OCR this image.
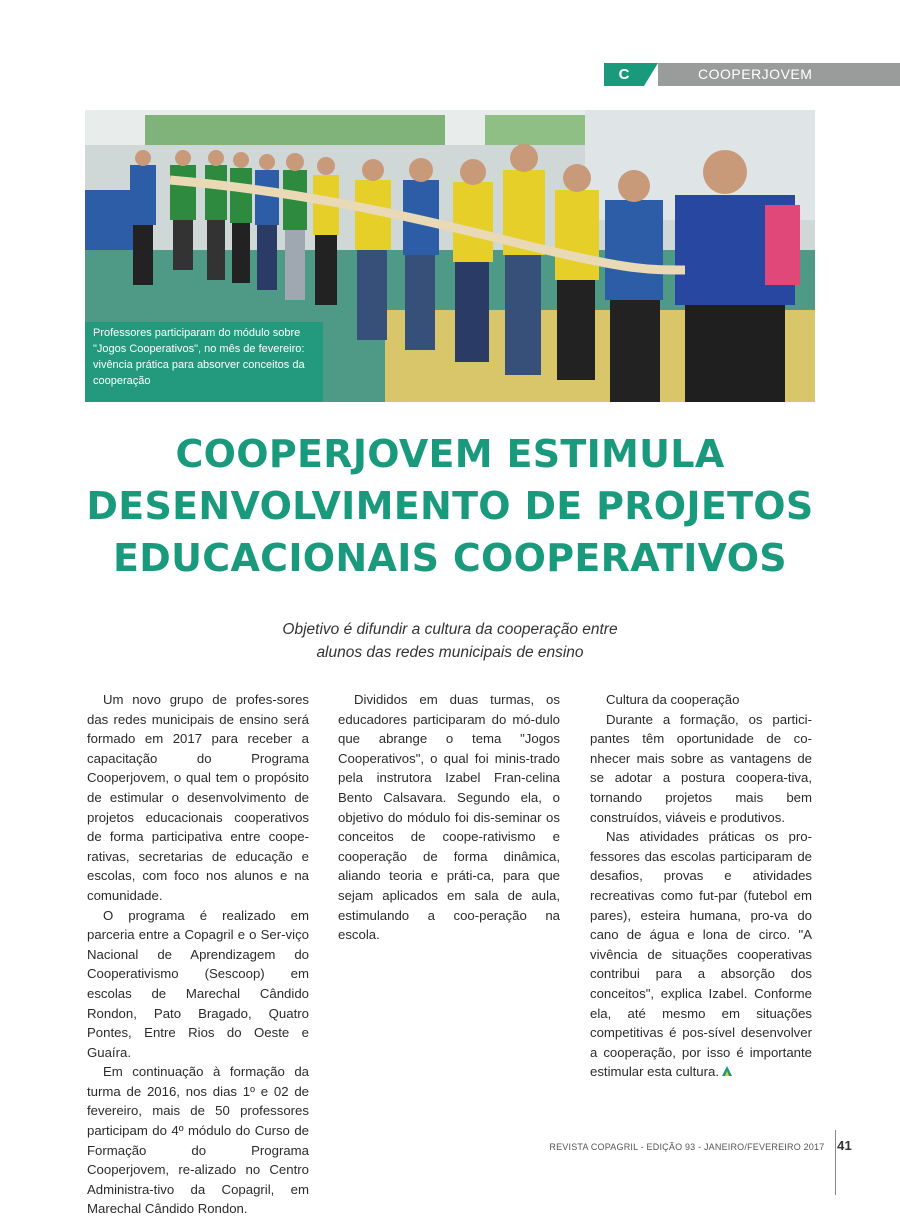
C	COOPERJOVEM
Professores participaram do módulo sobre "Jogos Cooperativos", no mês de fevereiro: vivência prática para absorver conceitos da cooperação
COOPERJOVEM ESTIMULA
DESENVOLVIMENTO DE PROJETOS
EDUCACIONAIS COOPERATIVOS
Objetivo é difundir a cultura da cooperação entre
alunos das redes municipais de ensino

Um novo grupo de profes-sores das redes municipais de ensino será formado em 2017 para receber a capacitação do Programa Cooperjovem, o qual tem o propósito de estimular o desenvolvimento de projetos educacionais cooperativos de forma participativa entre coope-rativas, secretarias de educação e escolas, com foco nos alunos e na comunidade.

O programa é realizado em parceria entre a Copagril e o Ser-viço Nacional de Aprendizagem do Cooperativismo (Sescoop) em escolas de Marechal Cândido Rondon, Pato Bragado, Quatro Pontes, Entre Rios do Oeste e Guaíra.

Em continuação à formação da turma de 2016, nos dias 1º e 02 de fevereiro, mais de 50 professores participam do 4º módulo do Curso de Formação do Programa Cooperjovem, re-alizado no Centro Administra-tivo da Copagril, em Marechal Cândido Rondon.

Divididos em duas turmas, os educadores participaram do mó-dulo que abrange o tema "Jogos Cooperativos", o qual foi minis-trado pela instrutora Izabel Fran-celina Bento Calsavara. Segundo ela, o objetivo do módulo foi dis-seminar os conceitos de coope-rativismo e cooperação de forma dinâmica, aliando teoria e práti-ca, para que sejam aplicados em sala de aula, estimulando a coo-peração na escola.

Cultura da cooperação

Durante a formação, os partici-pantes têm oportunidade de co-nhecer mais sobre as vantagens de se adotar a postura coopera-tiva, tornando projetos mais bem construídos, viáveis e produtivos.

Nas atividades práticas os pro-fessores das escolas participaram de desafios, provas e atividades recreativas como fut-par (futebol em pares), esteira humana, pro-va do cano de água e lona de circo. "A vivência de situações cooperativas contribui para a absorção dos conceitos", explica Izabel. Conforme ela, até mesmo em situações competitivas é pos-sível desenvolver a cooperação, por isso é importante estimular esta cultura.

REVISTA COPAGRIL - EDIÇÃO 93 - JANEIRO/FEVEREIRO 2017 41
